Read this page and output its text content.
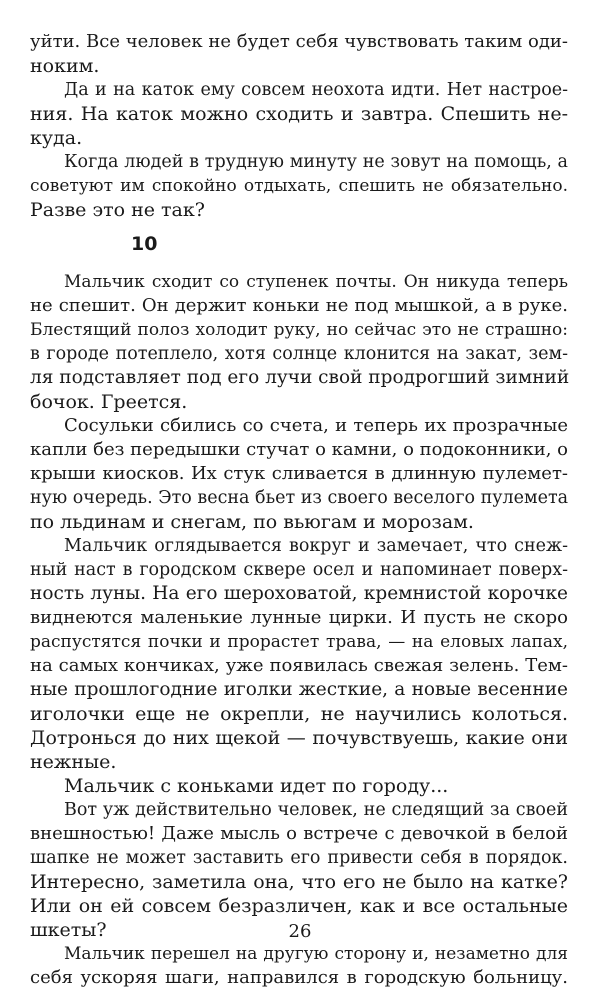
уйти. Все человек не будет себя чувствовать таким оди-
ноким.
Да и на каток ему совсем неохота идти. Нет настрое-
ния. На каток можно сходить и завтра. Спешить не-
куда.
Когда людей в трудную минуту не зовут на помощь, а
советуют им спокойно отдыхать, спешить не обязательно.
Разве это не так?
10
Мальчик сходит со ступенек почты. Он никуда теперь
не спешит. Он держит коньки не под мышкой, а в руке.
Блестящий полоз холодит руку, но сейчас это не страшно:
в городе потеплело, хотя солнце клонится на закат, зем-
ля подставляет под его лучи свой продрогший зимний
бочок. Греется.
Сосульки сбились со счета, и теперь их прозрачные
капли без передышки стучат о камни, о подоконники, о
крыши киосков. Их стук сливается в длинную пулемет-
ную очередь. Это весна бьет из своего веселого пулемета
по льдинам и снегам, по вьюгам и морозам.
Мальчик оглядывается вокруг и замечает, что снеж-
ный наст в городском сквере осел и напоминает поверх-
ность луны. На его шероховатой, кремнистой корочке
виднеются маленькие лунные цирки. И пусть не скоро
распустятся почки и прорастет трава, — на еловых лапах,
на самых кончиках, уже появилась свежая зелень. Тем-
ные прошлогодние иголки жесткие, а новые весенние
иголочки еще не окрепли, не научились колоться.
Дотронься до них щекой — почувствуешь, какие они
нежные.
Мальчик с коньками идет по городу...
Вот уж действительно человек, не следящий за своей
внешностью! Даже мысль о встрече с девочкой в белой
шапке не может заставить его привести себя в порядок.
Интересно, заметила она, что его не было на катке?
Или он ей совсем безразличен, как и все остальные
шкеты?
Мальчик перешел на другую сторону и, незаметно для
себя ускоряя шаги, направился в городскую больницу.
26
